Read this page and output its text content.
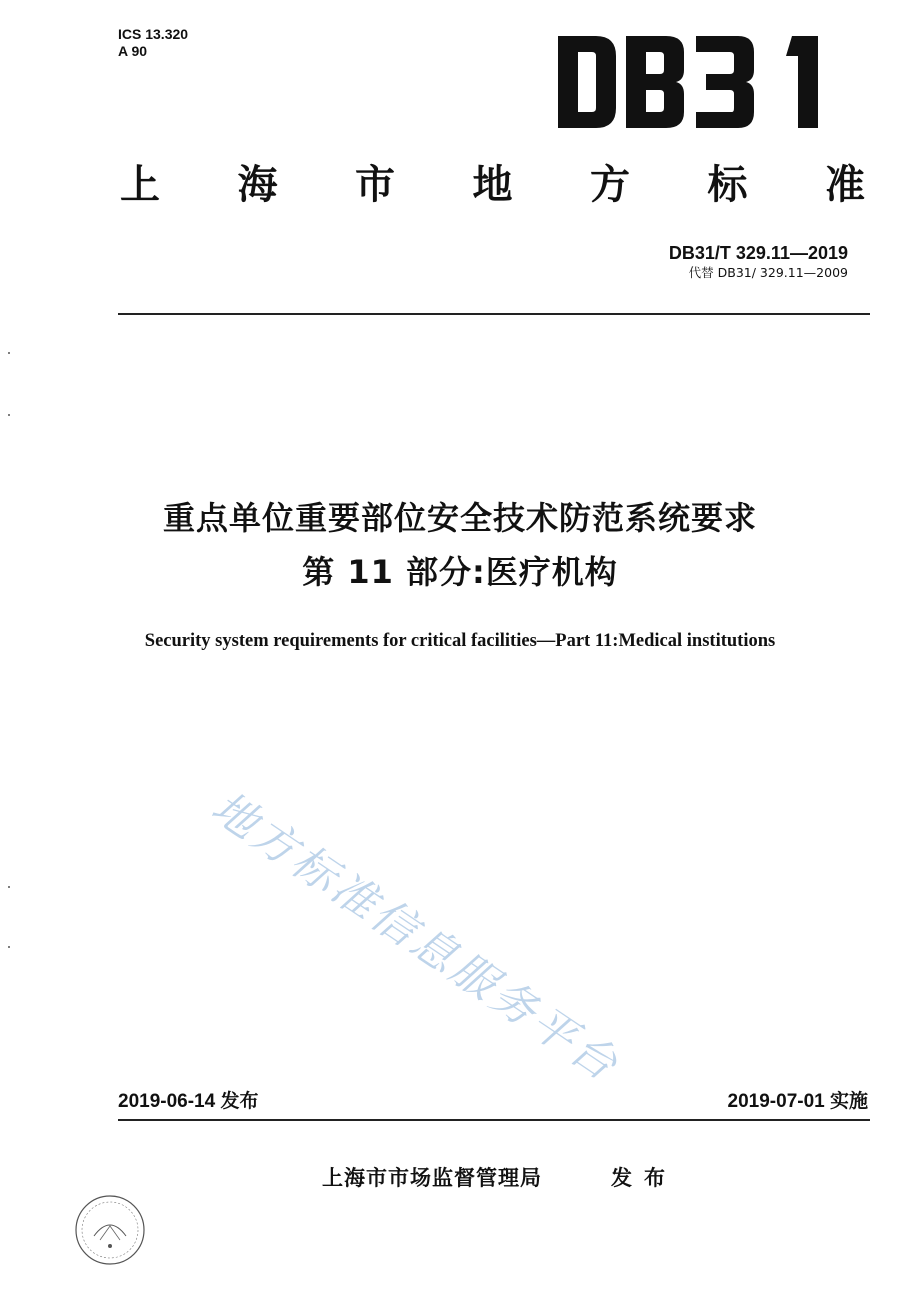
ICS 13.320
A 90
上 海 市 地 方 标 准
DB31/T 329.11—2019
代替 DB31/ 329.11—2009
重点单位重要部位安全技术防范系统要求
第 11 部分:医疗机构
Security system requirements for critical facilities—Part 11:Medical institutions
地方标准信息服务平台
2019-06-14 发布	2019-07-01 实施
上海市市场监督管理局	发布
